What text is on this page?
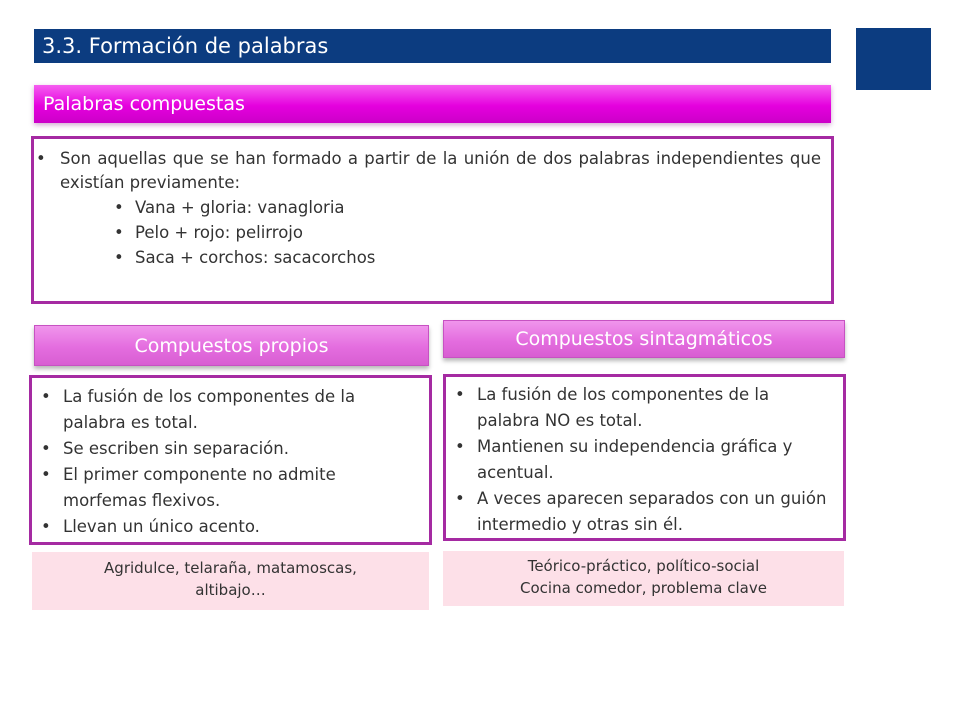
3.3. Formación de palabras
Palabras compuestas
• Son aquellas que se han formado a partir de la unión de dos palabras independientes que existían previamente:
• Vana + gloria: vanagloria
• Pelo + rojo: pelirrojo
• Saca + corchos: sacacorchos
Compuestos propios	Compuestos sintagmáticos
• La fusión de los componentes de la palabra es total.
• Se escriben sin separación.
• El primer componente no admite morfemas flexivos.
• Llevan un único acento.
• La fusión de los componentes de la palabra NO es total.
• Mantienen su independencia gráfica y acentual.
• A veces aparecen separados con un guión intermedio y otras sin él.
Agridulce, telaraña, matamoscas,
altibajo…
Teórico-práctico, político-social
Cocina comedor, problema clave
